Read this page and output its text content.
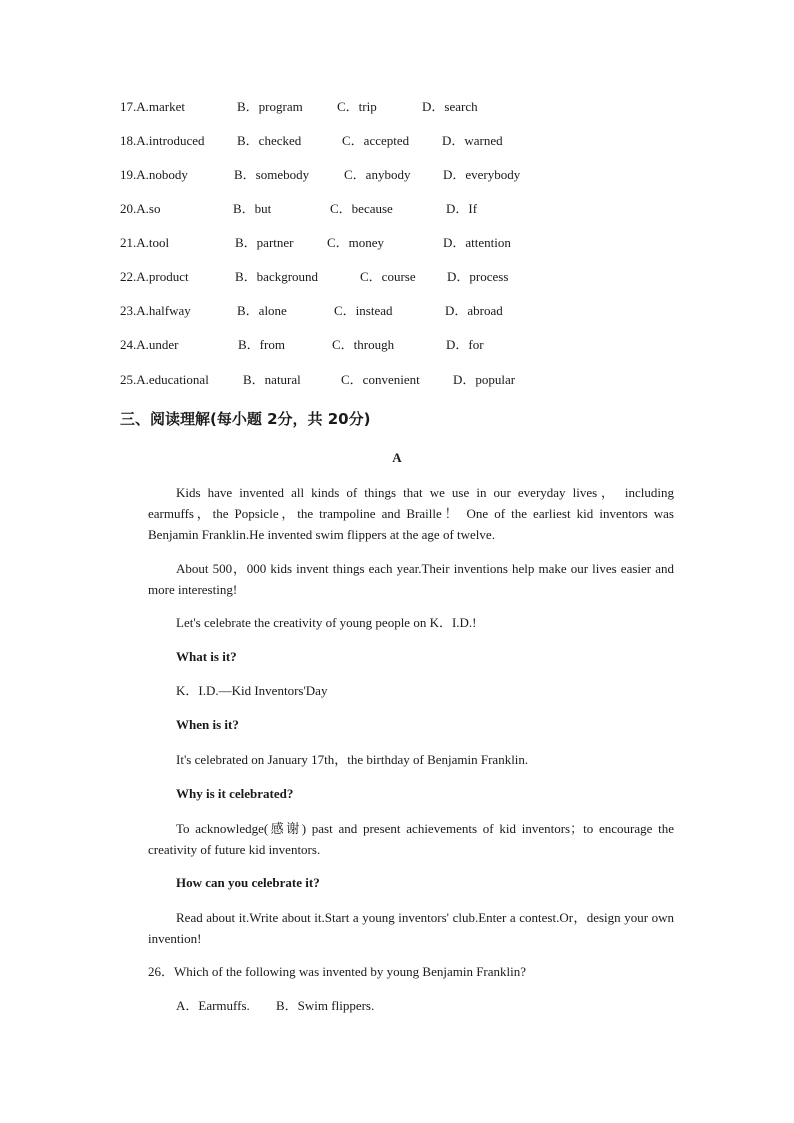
17.A.market	B．program	C．trip	D．search
18.A.introduced	B．checked	C．accepted	D．warned
19.A.nobody	B．somebody	C．anybody	D．everybody
20.A.so	B．but	C．because	D．If
21.A.tool	B．partner	C．money	D．attention
22.A.product	B．background	C．course D．process
23.A.halfway	B．alone	C．instead	D．abroad
24.A.under	B．from	C．through	D．for
25.A.educational	B．natural	C．convenient	D．popular
三、阅读理解(每小题 2分，共 20分)
A
Kids have invented all kinds of things that we use in our everyday lives， including earmuffs，the Popsicle，the trampoline and Braille！ One of the earliest kid inventors was Benjamin Franklin.He invented swim flippers at the age of twelve.
About 500，000 kids invent things each year.Their inventions help make our lives easier and more interesting!
Let's celebrate the creativity of young people on K．I.D.!
What is it?
K．I.D.—Kid Inventors'Day
When is it?
It's celebrated on January 17th，the birthday of Benjamin Franklin.
Why is it celebrated?
To acknowledge(感谢) past and present achievements of kid inventors；to encourage the creativity of future kid inventors.
How can you celebrate it?
Read about it.Write about it.Start a young inventors' club.Enter a contest.Or，design your own invention!
26．Which of the following was invented by young Benjamin Franklin?
A．Earmuffs. B．Swim flippers.
